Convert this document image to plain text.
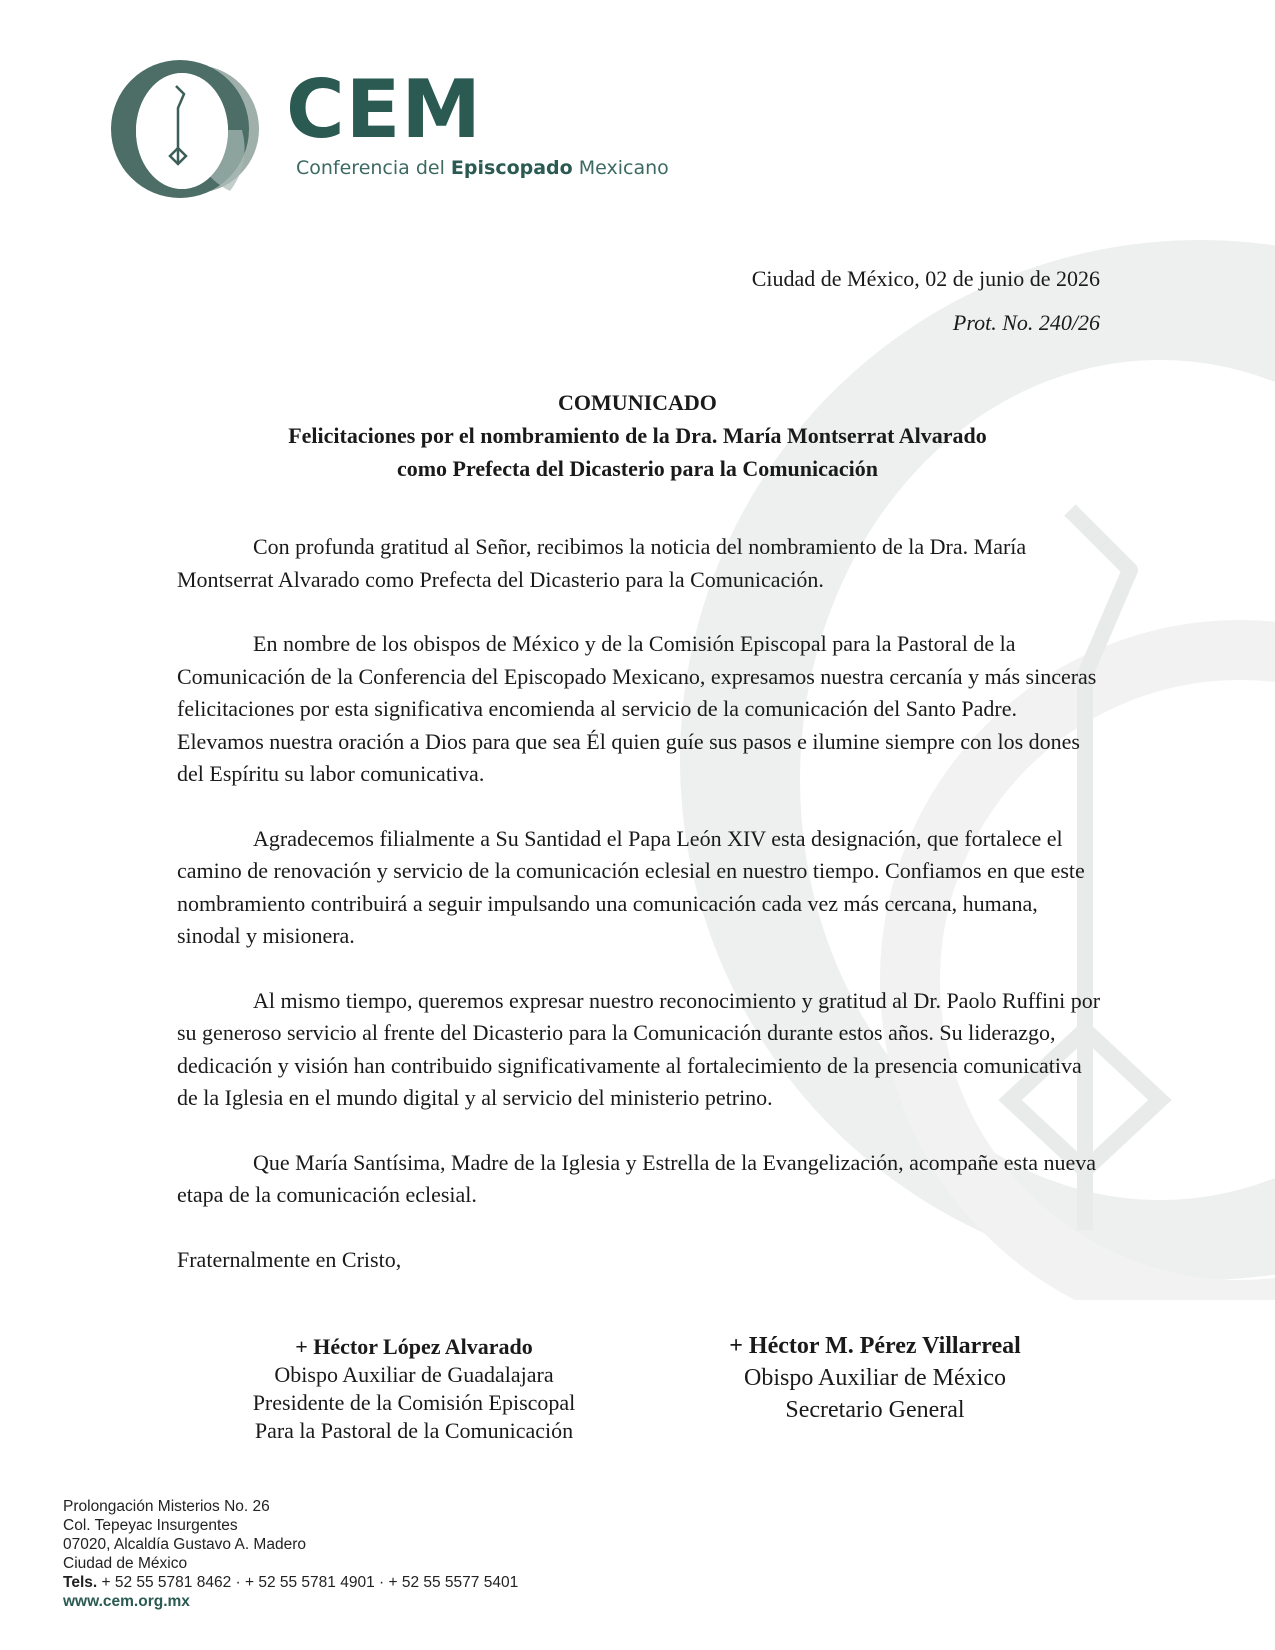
CEM
Conferencia del Episcopado Mexicano
Ciudad de México, 02 de junio de 2026
Prot. No. 240/26
COMUNICADO
Felicitaciones por el nombramiento de la Dra. María Montserrat Alvarado
como Prefecta del Dicasterio para la Comunicación

Con profunda gratitud al Señor, recibimos la noticia del nombramiento de la Dra. María Montserrat Alvarado como Prefecta del Dicasterio para la Comunicación.

En nombre de los obispos de México y de la Comisión Episcopal para la Pastoral de la Comunicación de la Conferencia del Episcopado Mexicano, expresamos nuestra cercanía y más sinceras felicitaciones por esta significativa encomienda al servicio de la comunicación del Santo Padre. Elevamos nuestra oración a Dios para que sea Él quien guíe sus pasos e ilumine siempre con los dones del Espíritu su labor comunicativa.

Agradecemos filialmente a Su Santidad el Papa León XIV esta designación, que fortalece el camino de renovación y servicio de la comunicación eclesial en nuestro tiempo. Confiamos en que este nombramiento contribuirá a seguir impulsando una comunicación cada vez más cercana, humana, sinodal y misionera.

Al mismo tiempo, queremos expresar nuestro reconocimiento y gratitud al Dr. Paolo Ruffini por su generoso servicio al frente del Dicasterio para la Comunicación durante estos años. Su liderazgo, dedicación y visión han contribuido significativamente al fortalecimiento de la presencia comunicativa de la Iglesia en el mundo digital y al servicio del ministerio petrino.

Que María Santísima, Madre de la Iglesia y Estrella de la Evangelización, acompañe esta nueva etapa de la comunicación eclesial.

Fraternalmente en Cristo,

+ Héctor López Alvarado
Obispo Auxiliar de Guadalajara
Presidente de la Comisión Episcopal
Para la Pastoral de la Comunicación
+ Héctor M. Pérez Villarreal
Obispo Auxiliar de México
Secretario General
Prolongación Misterios No. 26
Col. Tepeyac Insurgentes
07020, Alcaldía Gustavo A. Madero
Ciudad de México
Tels. + 52 55 5781 8462 · + 52 55 5781 4901 · + 52 55 5577 5401
www.cem.org.mx
